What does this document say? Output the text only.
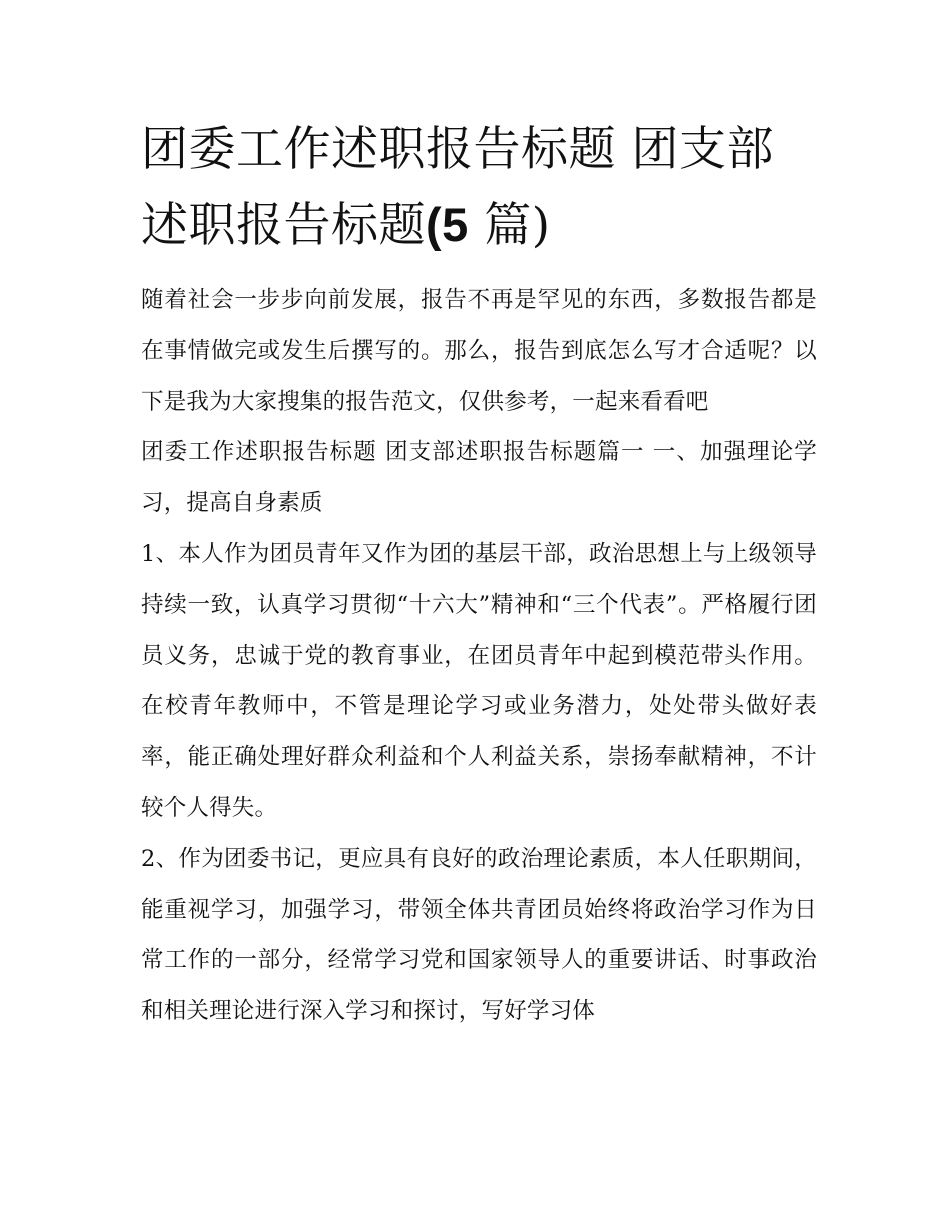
团委工作述职报告标题 团支部
述职报告标题(5 篇)

随着社会一步步向前发展，报告不再是罕见的东西，多数报告都是在事情做完或发生后撰写的。那么，报告到底怎么写才合适呢？以下是我为大家搜集的报告范文，仅供参考，一起来看看吧

团委工作述职报告标题 团支部述职报告标题篇一 一、加强理论学习，提高自身素质

1、本人作为团员青年又作为团的基层干部，政治思想上与上级领导持续一致，认真学习贯彻“十六大”精神和“三个代表”。严格履行团员义务，忠诚于党的教育事业，在团员青年中起到模范带头作用。在校青年教师中，不管是理论学习或业务潜力，处处带头做好表率，能正确处理好群众利益和个人利益关系，崇扬奉献精神，不计较个人得失。

2、作为团委书记，更应具有良好的政治理论素质，本人任职期间，能重视学习，加强学习，带领全体共青团员始终将政治学习作为日常工作的一部分，经常学习党和国家领导人的重要讲话、时事政治和相关理论进行深入学习和探讨，写好学习体
